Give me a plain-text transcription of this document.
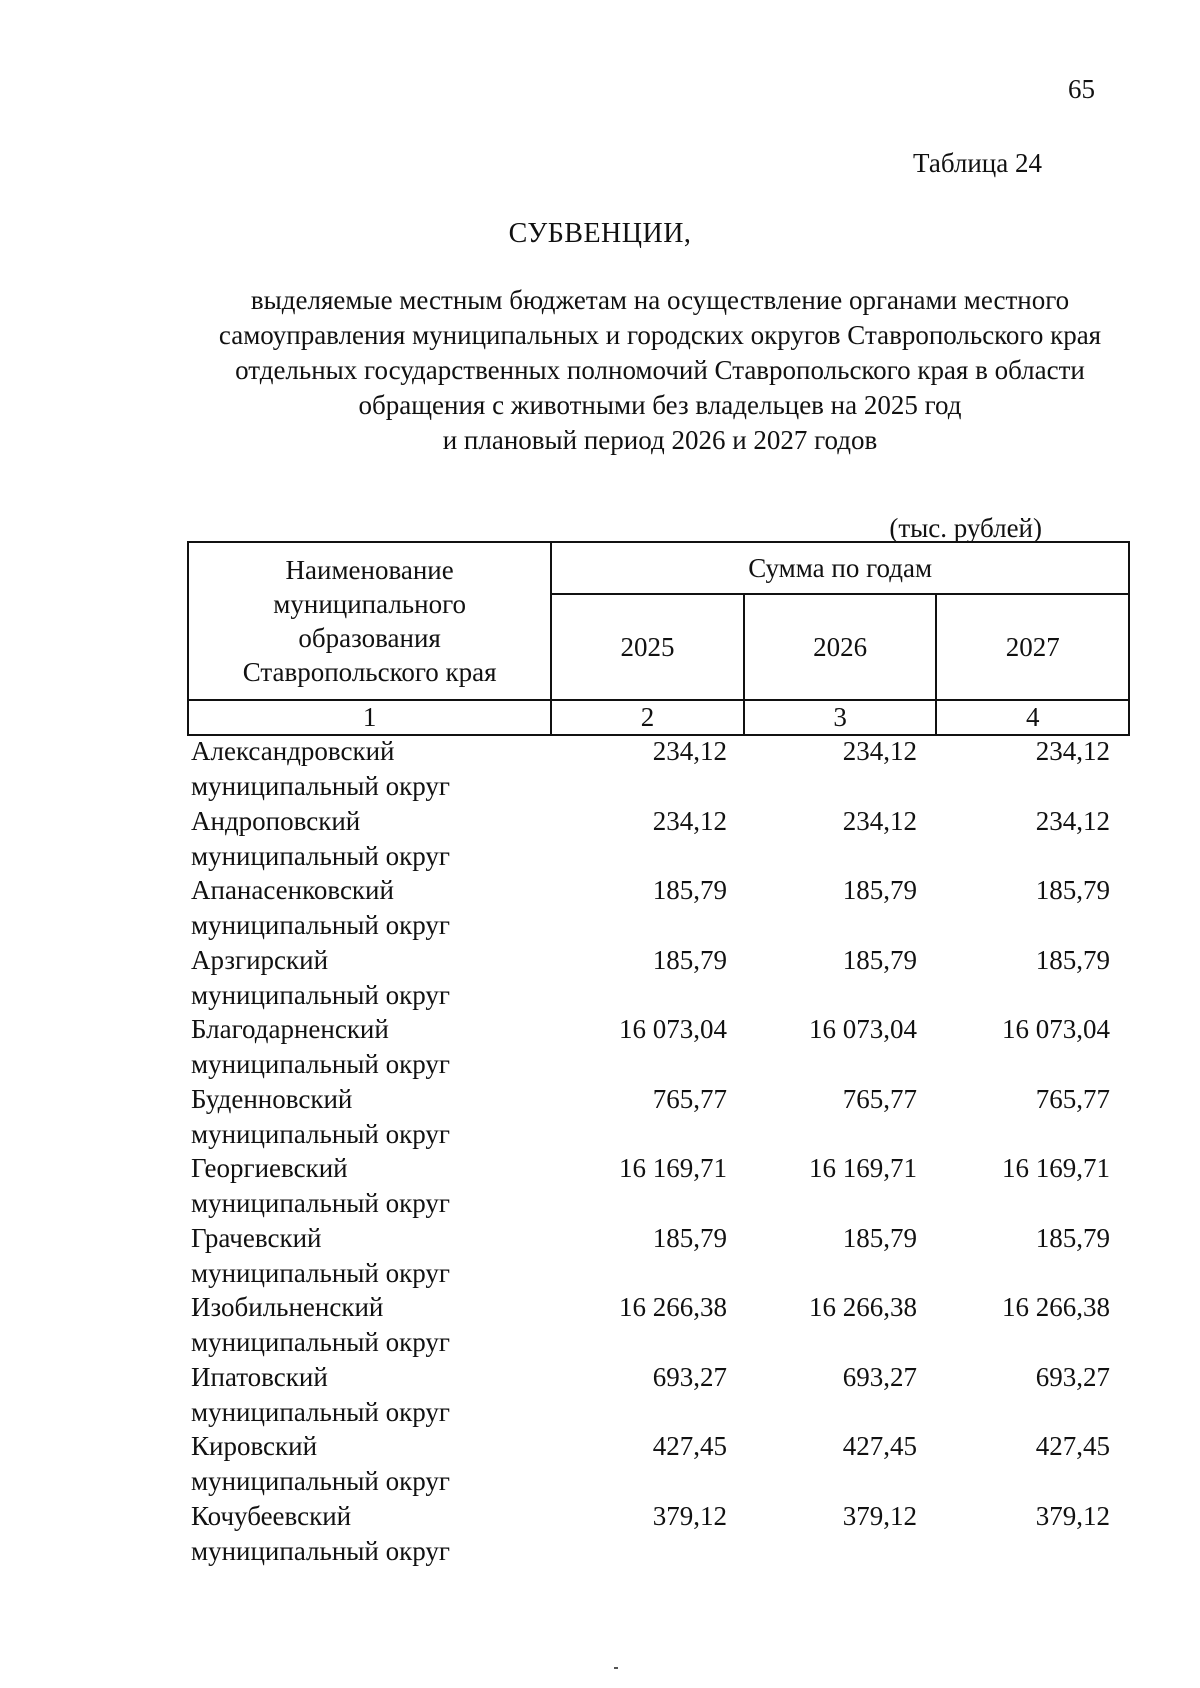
65
Таблица 24
СУБВЕНЦИИ,
выделяемые местным бюджетам на осуществление органами местного
самоуправления муниципальных и городских округов Ставропольского края
отдельных государственных полномочий Ставропольского края в области
обращения с животными без владельцев на 2025 год
и плановый период 2026 и 2027 годов
(тыс. рублей)
Наименование
муниципального
образования
Ставропольского края	Сумма по годам		
	2025	2026	2027
1	2	3	4
Александровский
муниципальный округ
234,12	234,12	234,12
Андроповский
муниципальный округ
234,12	234,12	234,12
Апанасенковский
муниципальный округ
185,79	185,79	185,79
Арзгирский
муниципальный округ
185,79	185,79	185,79
Благодарненский
муниципальный округ
16 073,04	16 073,04	16 073,04
Буденновский
муниципальный округ
765,77	765,77	765,77
Георгиевский
муниципальный округ
16 169,71	16 169,71	16 169,71
Грачевский
муниципальный округ
185,79	185,79	185,79
Изобильненский
муниципальный округ
16 266,38	16 266,38	16 266,38
Ипатовский
муниципальный округ
693,27	693,27	693,27
Кировский
муниципальный округ
427,45	427,45	427,45
Кочубеевский
муниципальный округ
379,12	379,12	379,12
